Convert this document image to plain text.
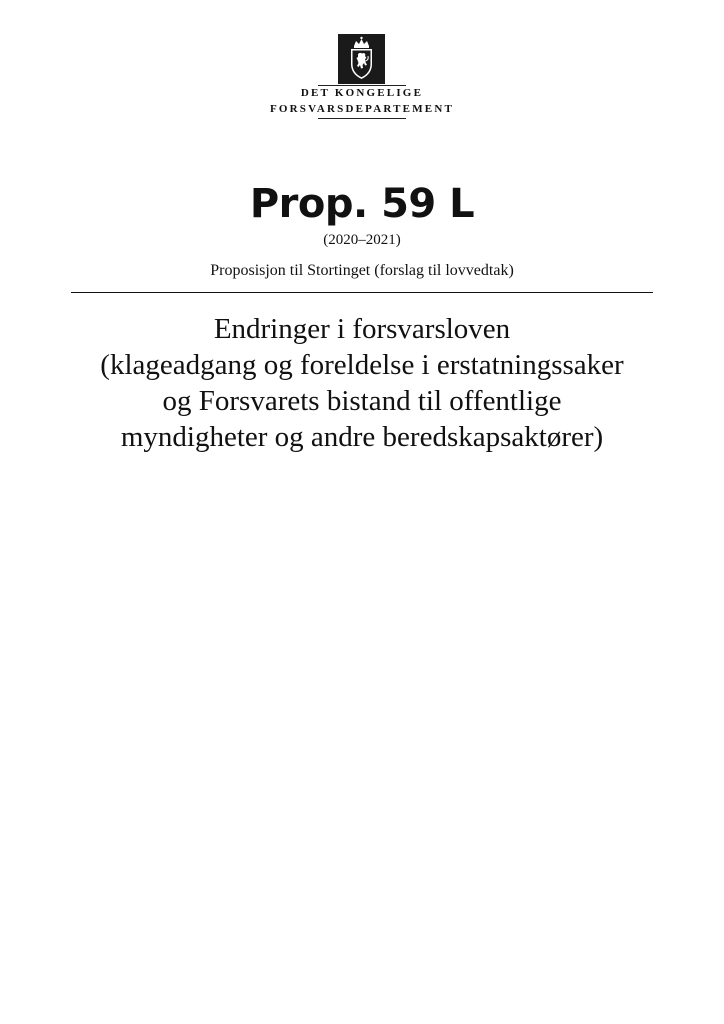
DET KONGELIGE
FORSVARSDEPARTEMENT
Prop. 59 L
(2020–2021)
Proposisjon til Stortinget (forslag til lovvedtak)
Endringer i forsvarsloven
(klageadgang og foreldelse i erstatningssaker
og Forsvarets bistand til offentlige
myndigheter og andre beredskapsaktører)
